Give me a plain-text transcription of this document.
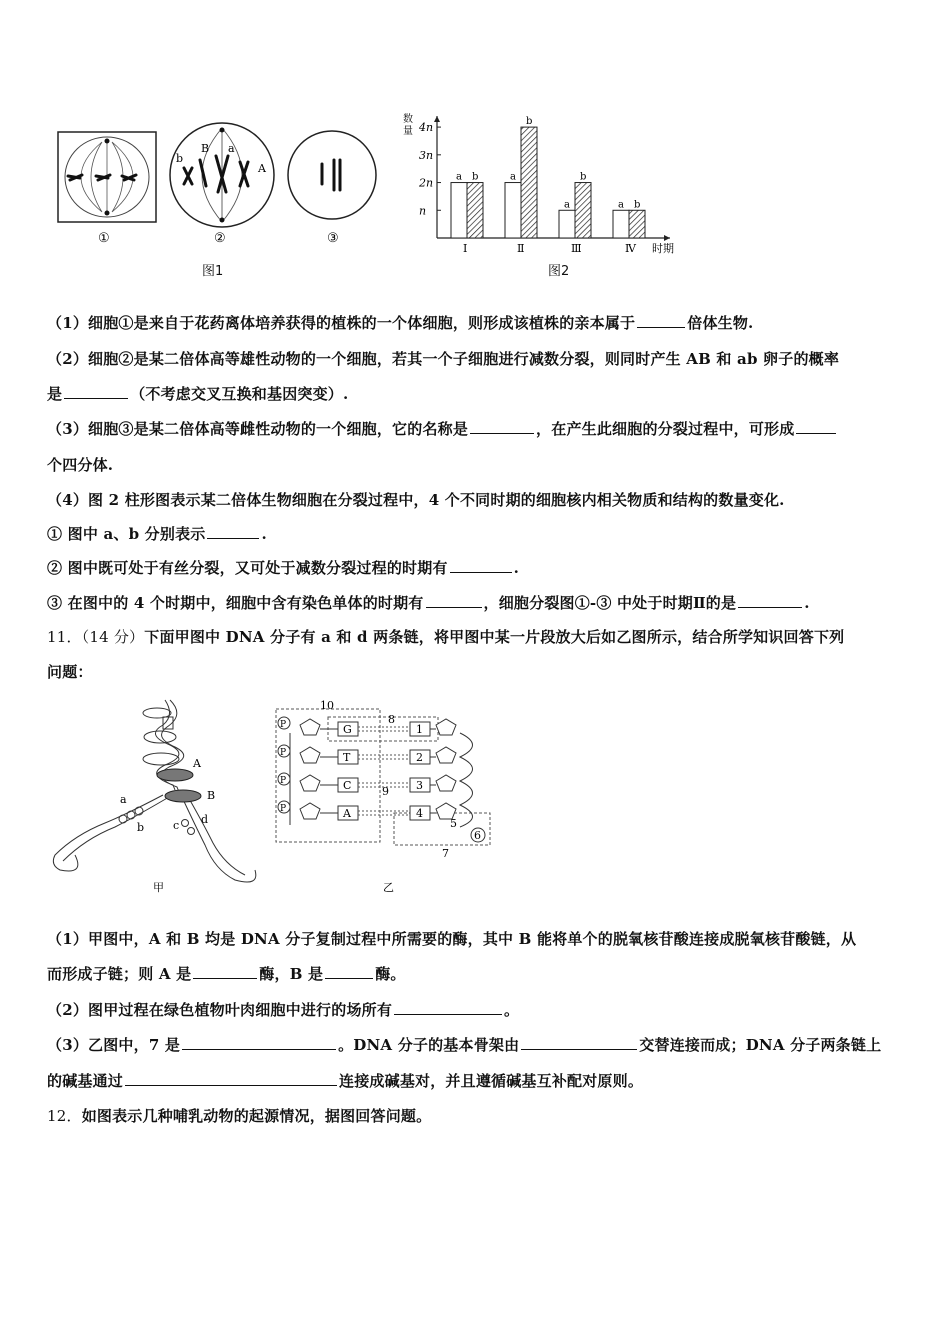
b
B a
A
①	②	③
图1
数量
n
2n
3n
4n
时期
a b
Ⅰ
a
b
Ⅱ
a
b
Ⅲ
a b
Ⅳ
图2
（1）细胞①是来自于花药离体培养获得的植株的一个体细胞，则形成该植株的亲本属于	倍体生物.
（2）细胞②是某二倍体高等雄性动物的一个细胞，若其一个子细胞进行减数分裂，则同时产生 AB 和 ab 卵子的概率
是	（不考虑交叉互换和基因突变）.
（3）细胞③是某二倍体高等雌性动物的一个细胞，它的名称是	，在产生此细胞的分裂过程中，可形成
个四分体.
（4）图 2 柱形图表示某二倍体生物细胞在分裂过程中，4 个不同时期的细胞核内相关物质和结构的数量变化.
① 图中 a、b 分别表示	.
② 图中既可处于有丝分裂，又可处于减数分裂过程的时期有	.
③ 在图中的 4 个时期中，细胞中含有染色单体的时期有	，细胞分裂图①-③ 中处于时期Ⅱ的是	.
11．（14 分）下面甲图中 DNA 分子有 a 和 d 两条链，将甲图中某一片段放大后如乙图所示，结合所学知识回答下列
问题：
A
B
a
b	c d
甲
P	G	1
P	T	2
P	C	3
P	A	4
10
8
9
5
6
7
乙
（1）甲图中，A 和 B 均是 DNA 分子复制过程中所需要的酶，其中 B 能将单个的脱氧核苷酸连接成脱氧核苷酸链，从
而形成子链；则 A 是	酶，B 是	酶。
（2）图甲过程在绿色植物叶肉细胞中进行的场所有	。
（3）乙图中，7 是	。DNA 分子的基本骨架由	交替连接而成；DNA 分子两条链上
的碱基通过	连接成碱基对，并且遵循碱基互补配对原则。
12．如图表示几种哺乳动物的起源情况，据图回答问题。
